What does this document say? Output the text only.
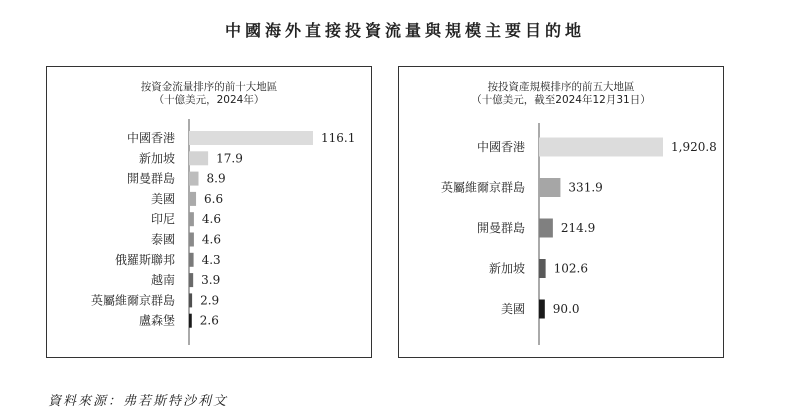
中國海外直接投資流量與規模主要目的地
按資金流量排序的前十大地區
（十億美元，2024年）
中國香港	116.1
新加坡	17.9
開曼群島	8.9
美國 6.6
印尼 4.6
泰國 4.6
俄羅斯聯邦 4.3
越南 3.9
英屬維爾京群島 2.9
盧森堡 2.6
按投資產規模排序的前五大地區
（十億美元，截至2024年12月31日）
中國香港	1,920.8
英屬維爾京群島	331.9
開曼群島	214.9
新加坡 102.6
美國 90.0
資料來源：弗若斯特沙利文
